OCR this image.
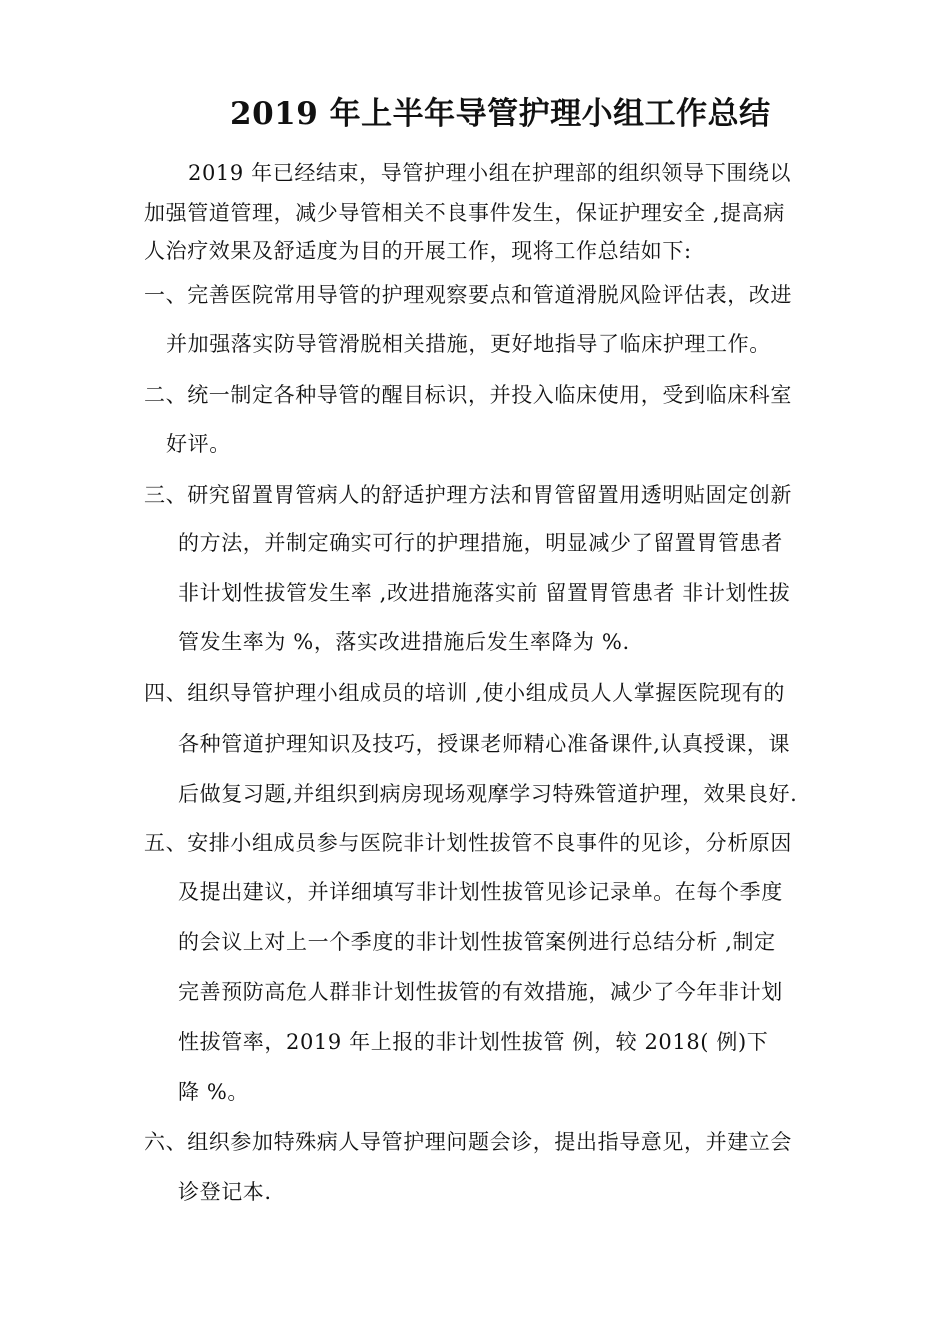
2019 年上半年导管护理小组工作总结
2019 年已经结束，导管护理小组在护理部的组织领导下围绕以
加强管道管理，减少导管相关不良事件发生，保证护理安全 ,提高病
人治疗效果及舒适度为目的开展工作，现将工作总结如下:
一、完善医院常用导管的护理观察要点和管道滑脱风险评估表，改进
并加强落实防导管滑脱相关措施，更好地指导了临床护理工作。
二、统一制定各种导管的醒目标识，并投入临床使用，受到临床科室
好评。
三、研究留置胃管病人的舒适护理方法和胃管留置用透明贴固定创新
的方法，并制定确实可行的护理措施，明显减少了留置胃管患者
非计划性拔管发生率 ,改进措施落实前 留置胃管患者 非计划性拔
管发生率为 %，落实改进措施后发生率降为 %.
四、组织导管护理小组成员的培训 ,使小组成员人人掌握医院现有的
各种管道护理知识及技巧，授课老师精心准备课件,认真授课，课
后做复习题,并组织到病房现场观摩学习特殊管道护理，效果良好.
五、安排小组成员参与医院非计划性拔管不良事件的见诊，分析原因
及提出建议，并详细填写非计划性拔管见诊记录单。在每个季度
的会议上对上一个季度的非计划性拔管案例进行总结分析 ,制定
完善预防高危人群非计划性拔管的有效措施，减少了今年非计划
性拔管率，2019 年上报的非计划性拔管 例，较 2018( 例)下
降 %。
六、组织参加特殊病人导管护理问题会诊，提出指导意见，并建立会
诊登记本.
